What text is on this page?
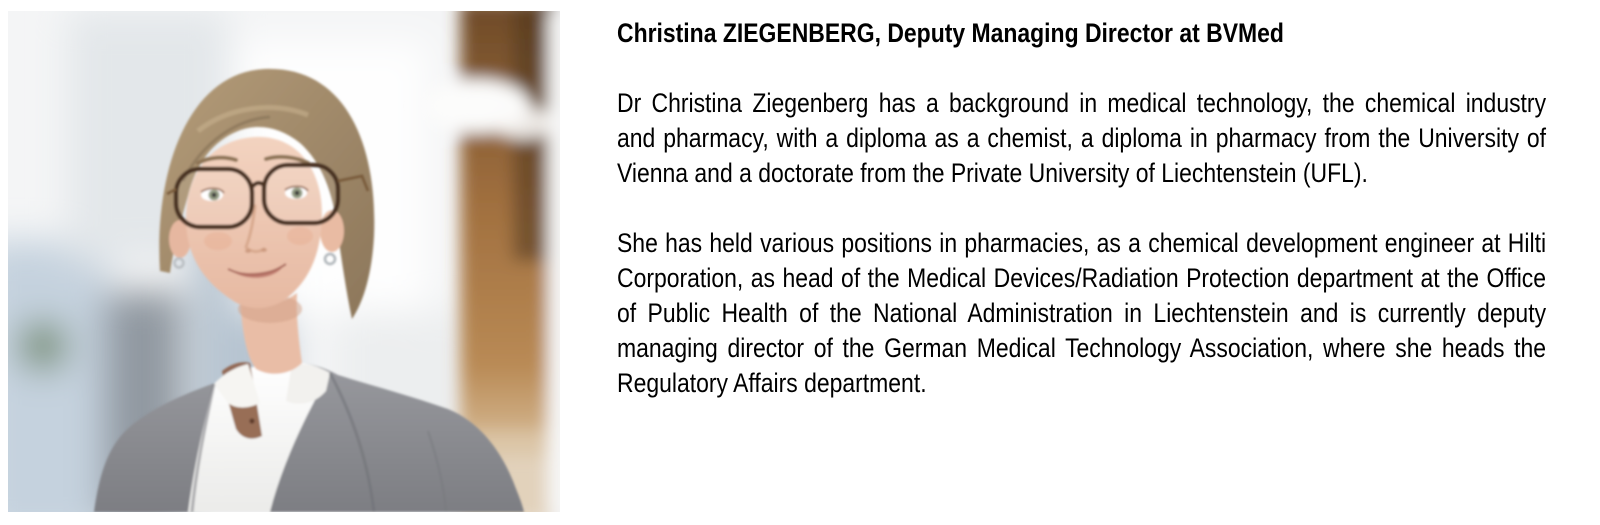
Christina ZIEGENBERG, Deputy Managing Director at BVMed

Dr Christina Ziegenberg has a background in medical technology, the chemical industry and pharmacy, with a diploma as a chemist, a diploma in pharmacy from the University of Vienna and a doctorate from the Private University of Liechtenstein (UFL).

She has held various positions in pharmacies, as a chemical development engineer at Hilti Corporation, as head of the Medical Devices/Radiation Protection department at the Office of Public Health of the National Administration in Liechtenstein and is currently deputy managing director of the German Medical Technology Association, where she heads the Regulatory Affairs department.
